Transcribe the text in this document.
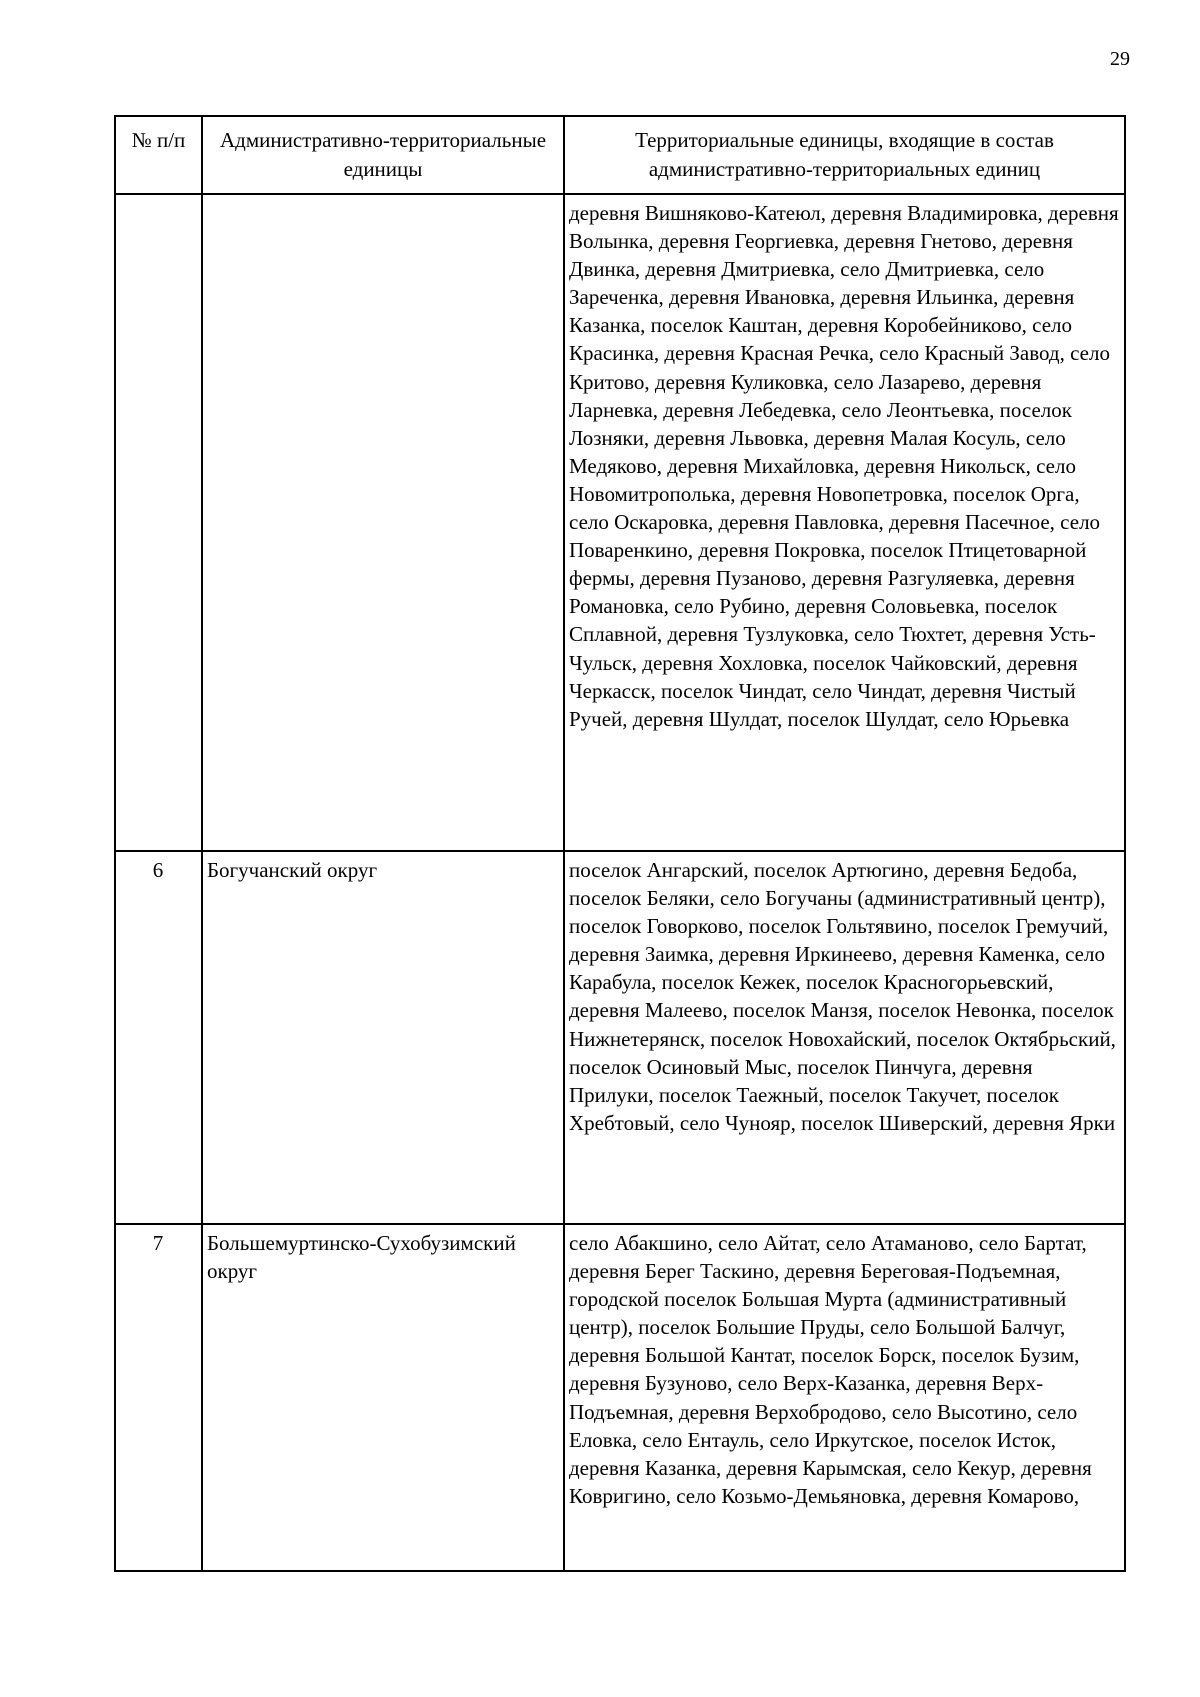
29
№ п/п	Административно-территориальные единицы	Территориальные единицы, входящие в состав административно-территориальных единиц
		деревня Вишняково-Катеюл, деревня Владимировка, деревня Волынка, деревня Георгиевка, деревня Гнетово, деревня Двинка, деревня Дмитриевка, село Дмитриевка, село Зареченка, деревня Ивановка, деревня Ильинка, деревня Казанка, поселок Каштан, деревня Коробейниково, село Красинка, деревня Красная Речка, село Красный Завод, село Критово, деревня Куликовка, село Лазарево, деревня Ларневка, деревня Лебедевка, село Леонтьевка, поселок Лозняки, деревня Львовка, деревня Малая Косуль, село Медяково, деревня Михайловка, деревня Никольск, село Новомитрополька, деревня Новопетровка, поселок Орга, село Оскаровка, деревня Павловка, деревня Пасечное, село Поваренкино, деревня Покровка, поселок Птицетоварной фермы, деревня Пузаново, деревня Разгуляевка, деревня Романовка, село Рубино, деревня Соловьевка, поселок Сплавной, деревня Тузлуковка, село Тюхтет, деревня Усть-Чульск, деревня Хохловка, поселок Чайковский, деревня Черкасск, поселок Чиндат, село Чиндат, деревня Чистый Ручей, деревня Шулдат, поселок Шулдат, село Юрьевка
6	Богучанский округ	поселок Ангарский, поселок Артюгино, деревня Бедоба, поселок Беляки, село Богучаны (административный центр), поселок Говорково, поселок Гольтявино, поселок Гремучий, деревня Заимка, деревня Иркинеево, деревня Каменка, село Карабула, поселок Кежек, поселок Красногорьевский, деревня Малеево, поселок Манзя, поселок Невонка, поселок Нижнетерянск, поселок Новохайский, поселок Октябрьский, поселок Осиновый Мыс, поселок Пинчуга, деревня Прилуки, поселок Таежный, поселок Такучет, поселок Хребтовый, село Чунояр, поселок Шиверский, деревня Ярки
7	Большемуртинско-Сухобузимский округ	село Абакшино, село Айтат, село Атаманово, село Бартат, деревня Берег Таскино, деревня Береговая-Подъемная, городской поселок Большая Мурта (административный центр), поселок Большие Пруды, село Большой Балчуг, деревня Большой Кантат, поселок Борск, поселок Бузим, деревня Бузуново, село Верх-Казанка, деревня Верх-Подъемная, деревня Верхобродово, село Высотино, село Еловка, село Ентауль, село Иркутское, поселок Исток, деревня Казанка, деревня Карымская, село Кекур, деревня Ковригино, село Козьмо-Демьяновка, деревня Комарово,
